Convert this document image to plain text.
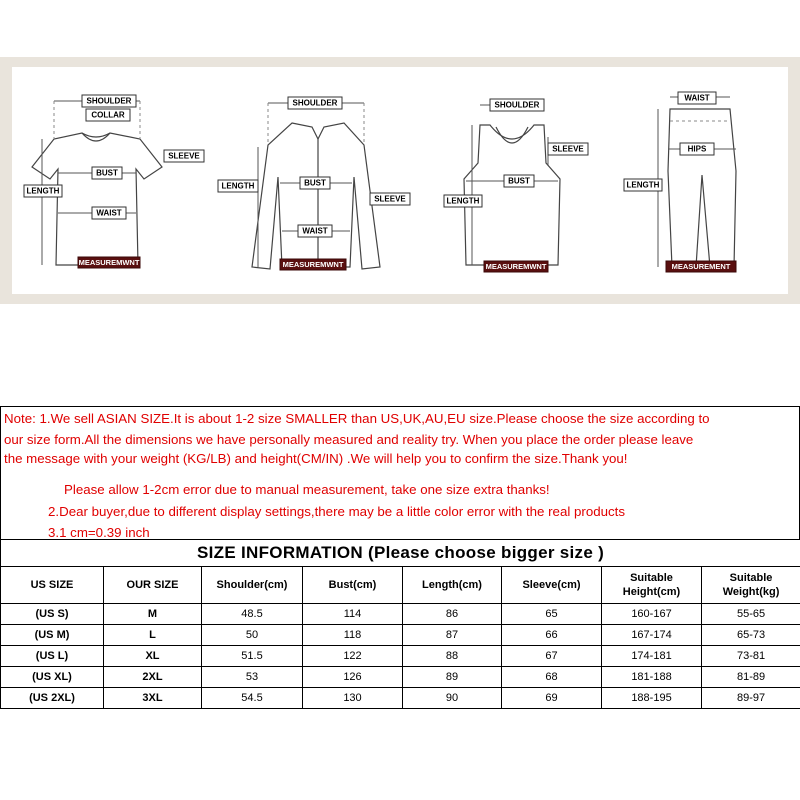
SHOULDER
COLLAR
SLEEVE
BUST
LENGTH
WAIST
MEASUREMWNT
SHOULDER
LENGTH	BUST
SLEEVE
WAIST
MEASUREMWNT
SHOULDER
SLEEVE
BUST
LENGTH
MEASUREMWNT
WAIST
HIPS
LENGTH
MEASUREMENT
Note: 1.We sell ASIAN SIZE.It is about 1-2 size SMALLER than US,UK,AU,EU size.Please choose the size according to
our size form.All the dimensions we have personally measured and reality try. When you place the order please leave
the message with your weight (KG/LB) and height(CM/IN) .We will help you to confirm the size.Thank you!
Please allow 1-2cm error due to manual measurement, take one size extra thanks!
2.Dear buyer,due to different display settings,there may be a little color error with the real products
3.1 cm=0.39 inch
SIZE INFORMATION (Please choose bigger size )							
US SIZE	OUR SIZE	Shoulder(cm)	Bust(cm)	Length(cm)	Sleeve(cm)	Suitable Height(cm)	Suitable Weight(kg)
(US S)	M	48.5	114	86	65	160-167	55-65
(US M)	L	50	118	87	66	167-174	65-73
(US L)	XL	51.5	122	88	67	174-181	73-81
(US XL)	2XL	53	126	89	68	181-188	81-89
(US 2XL)	3XL	54.5	130	90	69	188-195	89-97
